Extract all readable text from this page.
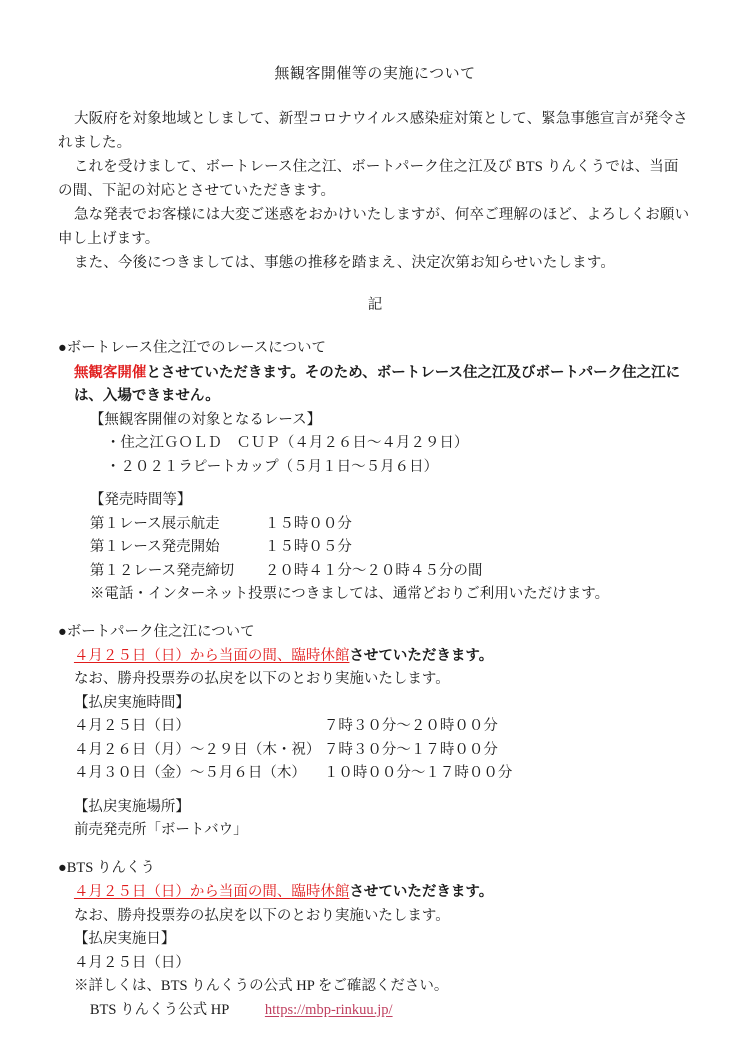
無観客開催等の実施について

大阪府を対象地域としまして、新型コロナウイルス感染症対策として、緊急事態宣言が発令されました。

これを受けまして、ボートレース住之江、ボートパーク住之江及び BTS りんくうでは、当面の間、下記の対応とさせていただきます。

急な発表でお客様には大変ご迷惑をおかけいたしますが、何卒ご理解のほど、よろしくお願い申し上げます。

また、今後につきましては、事態の推移を踏まえ、決定次第お知らせいたします。

記

●ボートレース住之江でのレースについて

無観客開催とさせていただきます。そのため、ボートレース住之江及びボートパーク住之江には、入場できません。

【無観客開催の対象となるレース】

・住之江ＧＯＬＤ　ＣＵＰ（４月２６日～４月２９日）

・２０２１ラピートカップ（５月１日～５月６日）

【発売時間等】

第１レース展示航走	１５時００分

第１レース発売開始	１５時０５分

第１２レース発売締切 ２０時４１分～２０時４５分の間

※電話・インターネット投票につきましては、通常どおりご利用いただけます。

●ボートパーク住之江について

４月２５日（日）から当面の間、臨時休館させていただきます。

なお、勝舟投票券の払戻を以下のとおり実施いたします。

【払戻実施時間】

４月２５日（日）	７時３０分～２０時００分

４月２６日（月）～２９日（木・祝） ７時３０分～１７時００分

４月３０日（金）～５月６日（木） １０時００分～１７時００分

【払戻実施場所】

前売発売所「ボートバウ」

●BTS りんくう

４月２５日（日）から当面の間、臨時休館させていただきます。

なお、勝舟投票券の払戻を以下のとおり実施いたします。

【払戻実施日】

４月２５日（日）

※詳しくは、BTS りんくうの公式 HP をご確認ください。

BTS りんくう公式 HP https://mbp-rinkuu.jp/
